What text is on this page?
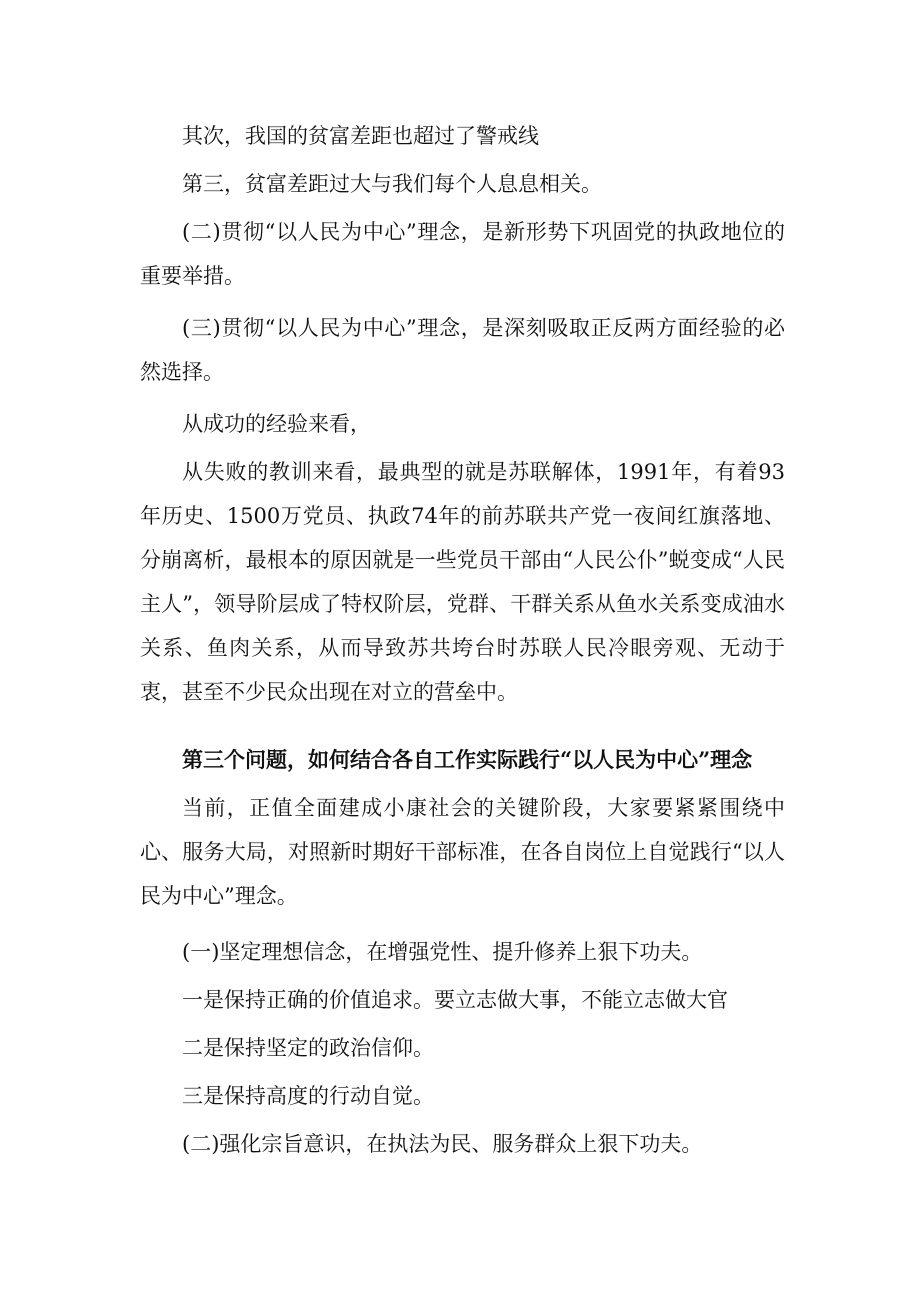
其次，我国的贫富差距也超过了警戒线

第三，贫富差距过大与我们每个人息息相关。

(二)贯彻“以人民为中心”理念，是新形势下巩固党的执政地位的重要举措。

(三)贯彻“以人民为中心”理念，是深刻吸取正反两方面经验的必然选择。

从成功的经验来看，

从失败的教训来看，最典型的就是苏联解体，1991年，有着93年历史、1500万党员、执政74年的前苏联共产党一夜间红旗落地、分崩离析，最根本的原因就是一些党员干部由“人民公仆”蜕变成“人民主人”，领导阶层成了特权阶层，党群、干群关系从鱼水关系变成油水关系、鱼肉关系，从而导致苏共垮台时苏联人民冷眼旁观、无动于衷，甚至不少民众出现在对立的营垒中。

第三个问题，如何结合各自工作实际践行“以人民为中心”理念

当前，正值全面建成小康社会的关键阶段，大家要紧紧围绕中心、服务大局，对照新时期好干部标准，在各自岗位上自觉践行“以人民为中心”理念。

(一)坚定理想信念，在增强党性、提升修养上狠下功夫。

一是保持正确的价值追求。要立志做大事，不能立志做大官

二是保持坚定的政治信仰。

三是保持高度的行动自觉。

(二)强化宗旨意识，在执法为民、服务群众上狠下功夫。
